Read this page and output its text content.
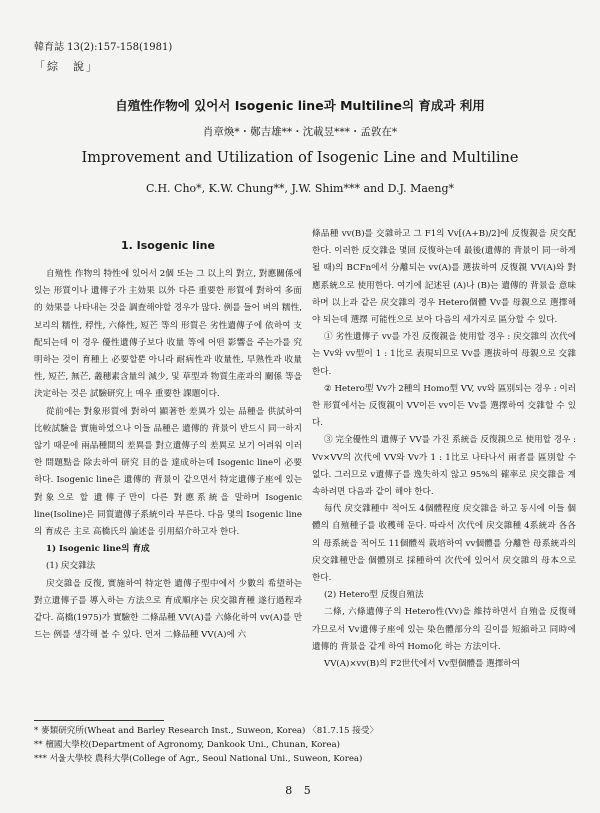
韓育誌 13(2):157-158(1981)
「綜　說」
自殖性作物에 있어서 Isogenic line과 Multiline의 育成과 利用
肖章煥*・鄭吉雄**・沈載昱***・孟敦在*
Improvement and Utilization of Isogenic Line and Multiline
C.H. Cho*, K.W. Chung**, J.W. Shim*** and D.J. Maeng*
1. Isogenic line

自殖性 作物의 特性에 있어서 2個 또는 그 以上의 對立, 對應關係에 있는 形質이나 遺傳子가 主効果 以外 다른 重要한 形質에 對하여 多面的 効果를 나타내는 것을 調査해야할 경우가 많다. 例를 들어 벼의 糯性, 보리의 糯性, 稃性, 六條性, 短芒 等의 形質은 劣性遺傳子에 依하여 支配되는데 이 경우 優性遺傳子보다 收量 等에 어떤 影響을 주는가를 究明하는 것이 育種上 必要할뿐 아니라 耐病性과 收量性, 早熟性과 收量性, 短芒, 無芒, 叢穗素含量의 減少, 및 草型과 物質生產과의 關係 等을 決定하는 것은 試驗研究上 매우 重要한 課題이다.

從前에는 對象形質에 對하여 顯著한 差異가 있는 品種을 供試하여 比較試驗을 實施하였으나 이들 品種은 遺傳的 背景이 반드시 同一하지 않기 때문에 兩品種間의 差異를 對立遺傳子의 差異로 보기 어려워 이러한 問題點을 除去하여 研究 目的을 達成하는데 Isogenic line이 必要하다. Isogenic line은 遺傳的 背景이 같으면서 特定遺傳子座에 있는 對象으로 할 遺傳子만이 다른 對應系統을 말하며 Isogenic line(Isoline)은 同質遺傳子系統이라 부른다. 다음 몇의 Isogenic line의 育成은 主로 高橋氏의 論述을 引用紹介하고자 한다.

1) Isogenic line의 育成

(1) 戻交雜法

戻交雜을 反復, 實施하여 特定한 遺傳子型中에서 少數의 希望하는 對立遺傳子를 導入하는 方法으로 育成順序는 戻交雜育種 遂行過程과 같다. 高橋(1975)가 實驗한 二條品種 VV(A)를 六條化하여 vv(A)를 만드는 例를 생각해 볼 수 있다. 먼저 二條品種 VV(A)에 六

條品種 vv(B)를 交雜하고 그 F1의 Vv[(A+B)/2]에 反復親을 戻交配한다. 이러한 反交雜을 몇回 反復하는데 最後(遺傳的 背景이 同一하게 될 때)의 BCFn에서 分離되는 vv(A)를 選拔하여 反復親 VV(A)와 對應系統으로 使用한다. 여기에 記述된 (A)나 (B)는 遺傳的 背景을 意味하며 以上과 같은 戻交雜의 경우 Hetero個體 Vv를 母親으로 選擇해야 되는데 選擇 可能性으로 보아 다음의 세가지로 區分할 수 있다.

① 劣性遺傳子 vv를 가진 反復親을 使用할 경우 : 戻交雜의 次代에는 Vv와 vv型이 1 : 1比로 表現되므로 Vv를 選拔하여 母親으로 交雜한다.

② Hetero型 Vv가 2種의 Homo型 VV, vv와 區別되는 경우 : 이러한 形質에서는 反復親이 VV이든 vv이든 Vv를 選擇하여 交雜할 수 있다.

③ 完全優性의 遺傳子 VV를 가진 系統을 反復親으로 使用할 경우 : Vv×VV의 次代에 VV와 Vv가 1 : 1比로 나타나서 兩者를 區別할 수 없다. 그러므로 v遺傳子를 逸失하지 않고 95%의 確率로 戻交雜을 계속하려면 다음과 같이 해야 한다.

每代 戻交雜種中 적어도 4個體程度 戻交雜을 하고 동시에 이들 個體의 自殖種子를 收穫해 둔다. 따라서 次代에 戻交雜種 4系統과 各各의 母系統을 적어도 11個體씩 栽培하여 vv個體를 分離한 母系統과의 戻交雜種만을 個體別로 採種하여 次代에 있어서 戻交雜의 母本으로 한다.

(2) Hetero型 反復自殖法

二條, 六條遺傳子의 Hetero性(Vv)을 維持하면서 自殖을 反復해 가므로서 Vv遺傳子座에 있는 染色體部分의 길이를 短縮하고 同時에 遺傳的 背景을 같게 하여 Homo化 하는 方法이다.

VV(A)×vv(B)의 F2世代에서 Vv型個體를 選擇하여

* 麥類研究所(Wheat and Barley Research Inst., Suweon, Korea) 〈81.7.15 接受〉
** 檀國大學校(Department of Agronomy, Dankook Uni., Chunan, Korea)
*** 서울大學校 農科大學(College of Agr., Seoul National Uni., Suweon, Korea)
8 5
